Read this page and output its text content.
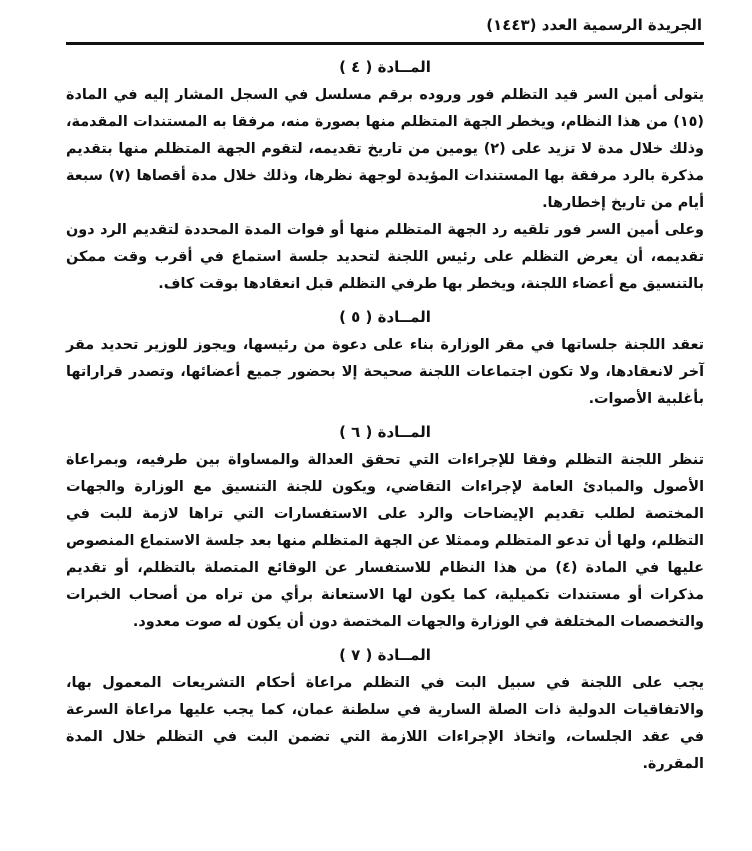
الجريدة الرسمية العدد (١٤٤٣)
المــادة ( ٤ )

يتولى أمين السر قيد التظلم فور وروده برقم مسلسل في السجل المشار إليه في المادة (١٥) من هذا النظام، ويخطر الجهة المتظلم منها بصورة منه، مرفقا به المستندات المقدمة، وذلك خلال مدة لا تزيد على (٢) يومين من تاريخ تقديمه، لتقوم الجهة المتظلم منها بتقديم مذكرة بالرد مرفقة بها المستندات المؤيدة لوجهة نظرها، وذلك خلال مدة أقصاها (٧) سبعة أيام من تاريخ إخطارها.

وعلى أمين السر فور تلقيه رد الجهة المتظلم منها أو فوات المدة المحددة لتقديم الرد دون تقديمه، أن يعرض التظلم على رئيس اللجنة لتحديد جلسة استماع في أقرب وقت ممكن بالتنسيق مع أعضاء اللجنة، ويخطر بها طرفي التظلم قبل انعقادها بوقت كاف.

المــادة ( ٥ )

تعقد اللجنة جلساتها في مقر الوزارة بناء على دعوة من رئيسها، ويجوز للوزير تحديد مقر آخر لانعقادها، ولا تكون اجتماعات اللجنة صحيحة إلا بحضور جميع أعضائها، وتصدر قراراتها بأغلبية الأصوات.

المــادة ( ٦ )

تنظر اللجنة التظلم وفقا للإجراءات التي تحقق العدالة والمساواة بين طرفيه، وبمراعاة الأصول والمبادئ العامة لإجراءات التقاضي، ويكون للجنة التنسيق مع الوزارة والجهات المختصة لطلب تقديم الإيضاحات والرد على الاستفسارات التي تراها لازمة للبت في التظلم، ولها أن تدعو المتظلم وممثلا عن الجهة المتظلم منها بعد جلسة الاستماع المنصوص عليها في المادة (٤) من هذا النظام للاستفسار عن الوقائع المتصلة بالتظلم، أو تقديم مذكرات أو مستندات تكميلية، كما يكون لها الاستعانة برأي من تراه من أصحاب الخبرات والتخصصات المختلفة في الوزارة والجهات المختصة دون أن يكون له صوت معدود.

المــادة ( ٧ )

يجب على اللجنة في سبيل البت في التظلم مراعاة أحكام التشريعات المعمول بها، والاتفاقيات الدولية ذات الصلة السارية في سلطنة عمان، كما يجب عليها مراعاة السرعة في عقد الجلسات، واتخاذ الإجراءات اللازمة التي تضمن البت في التظلم خلال المدة المقررة.
